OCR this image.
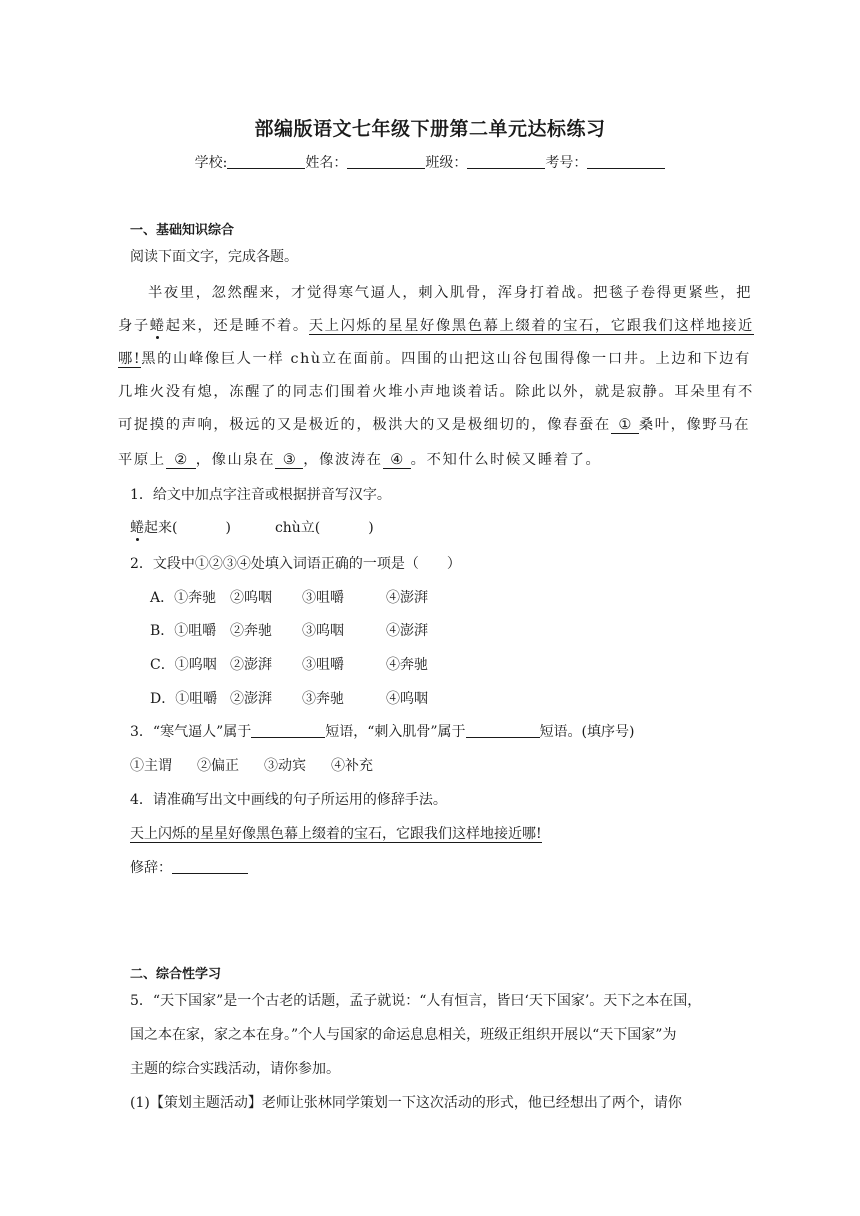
部编版语文七年级下册第二单元达标练习
学校:	姓名：	班级：	考号：
一、基础知识综合
阅读下面文字，完成各题。
半夜里，忽然醒来，才觉得寒气逼人，刺入肌骨，浑身打着战。把毯子卷得更紧些，把
身子蜷起来，还是睡不着。天上闪烁的星星好像黑色幕上缀着的宝石，它跟我们这样地接近
哪!黑的山峰像巨人一样 chù立在面前。四围的山把这山谷包围得像一口井。上边和下边有
几堆火没有熄，冻醒了的同志们围着火堆小声地谈着话。除此以外，就是寂静。耳朵里有不
可捉摸的声响，极远的又是极近的，极洪大的又是极细切的，像春蚕在 ① 桑叶，像野马在
平原上 ② ，像山泉在 ③ ，像波涛在 ④ 。不知什么时候又睡着了。
1．给文中加点字注音或根据拼音写汉字。
蜷起来(	)	chù立(	)
2．文段中①②③④处填入词语正确的一项是（　　）
A．①奔驰 ②呜咽 ③咀嚼	④澎湃
B．①咀嚼 ②奔驰 ③呜咽	④澎湃
C．①呜咽 ②澎湃 ③咀嚼	④奔驰
D．①咀嚼 ②澎湃 ③奔驰	④呜咽
3．“寒气逼人”属于	短语，“刺入肌骨”属于	短语。(填序号)
①主谓 ②偏正 ③动宾 ④补充
4．请准确写出文中画线的句子所运用的修辞手法。
天上闪烁的星星好像黑色幕上缀着的宝石，它跟我们这样地接近哪!
修辞：
二、综合性学习
5．“天下国家”是一个古老的话题，孟子就说：“人有恒言，皆曰‘天下国家’。天下之本在国，
国之本在家，家之本在身。”个人与国家的命运息息相关，班级正组织开展以“天下国家”为
主题的综合实践活动，请你参加。
(1)【策划主题活动】老师让张林同学策划一下这次活动的形式，他已经想出了两个，请你
